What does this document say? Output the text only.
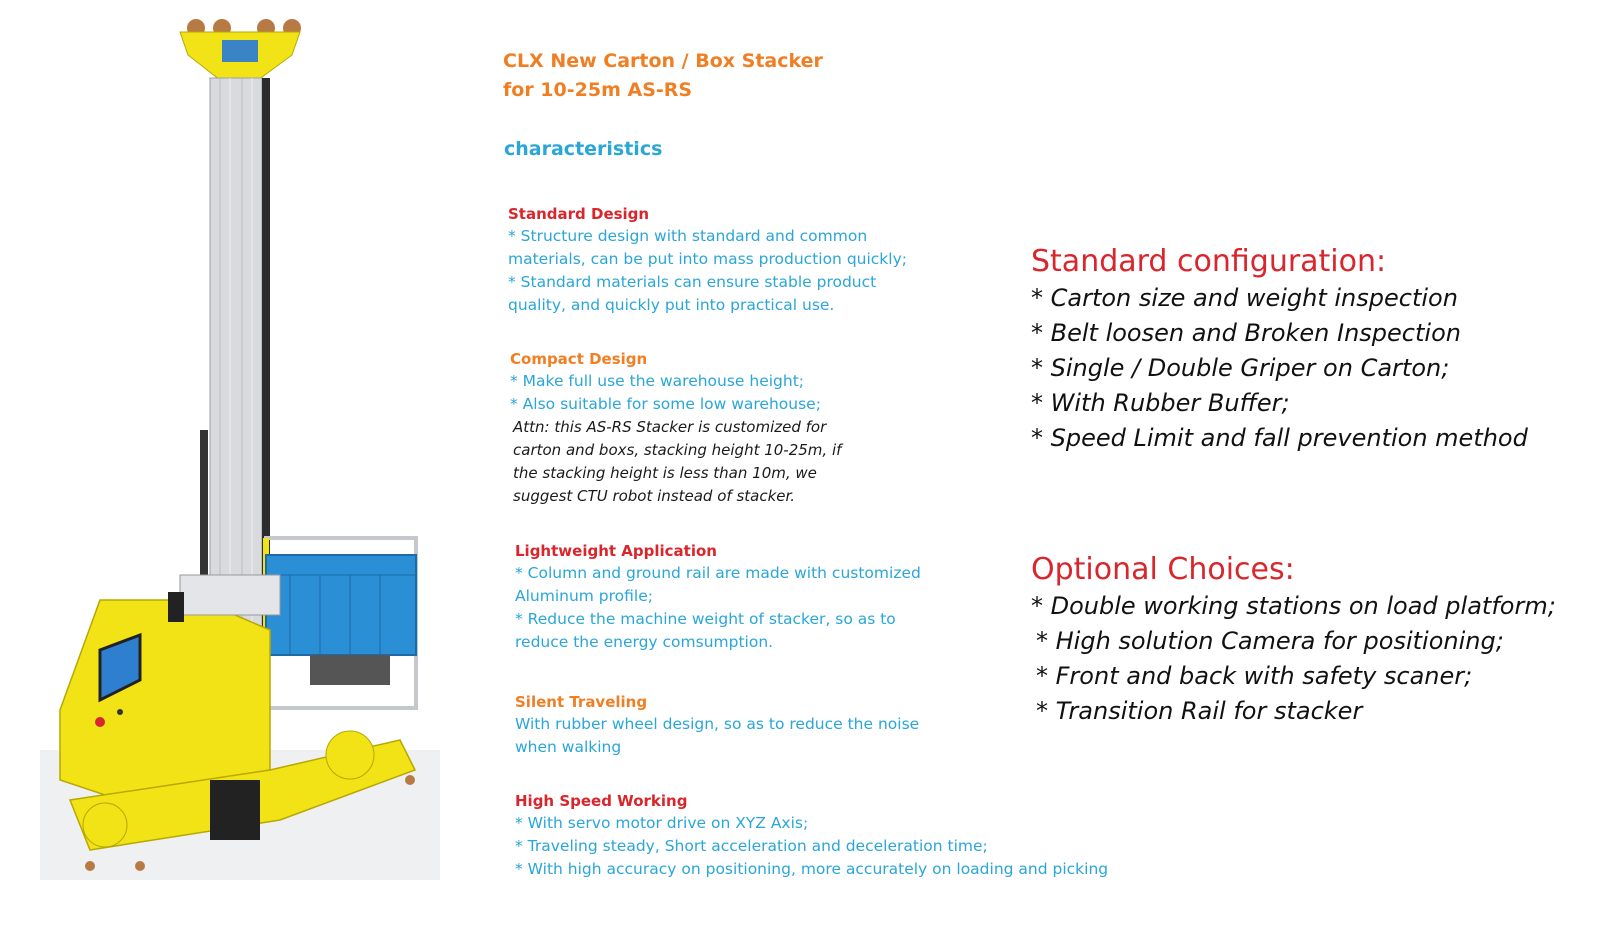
CLX New Carton / Box Stacker
for 10-25m AS-RS
characteristics
Standard Design
* Structure design with standard and common
materials, can be put into mass production quickly;
* Standard materials can ensure stable product
quality, and quickly put into practical use.
Compact Design
* Make full use the warehouse height;
* Also suitable for some low warehouse;
Attn: this AS-RS Stacker is customized for
carton and boxs, stacking height 10-25m, if
the stacking height is less than 10m, we
suggest CTU robot instead of stacker.
Lightweight Application
* Column and ground rail are made with customized
Aluminum profile;
* Reduce the machine weight of stacker, so as to
reduce the energy comsumption.
Silent Traveling
With rubber wheel design, so as to reduce the noise
when walking
High Speed Working
* With servo motor drive on XYZ Axis;
* Traveling steady, Short acceleration and deceleration time;
* With high accuracy on positioning, more accurately on loading and picking
Standard configuration:
* Carton size and weight inspection
* Belt loosen and Broken Inspection
* Single / Double Griper on Carton;
* With Rubber Buffer;
* Speed Limit and fall prevention method
Optional Choices:
* Double working stations on load platform;
* High solution Camera for positioning;
* Front and back with safety scaner;
* Transition Rail for stacker
